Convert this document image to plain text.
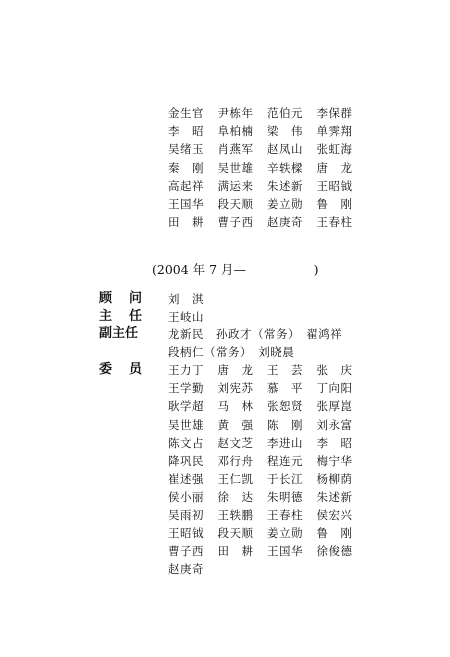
金生官	尹栋年	范伯元	李保群
李　昭	阜柏楠	梁　伟	单霁翔
吴绪玉	肖燕军	赵凤山	张虹海
秦　刚	吴世雄	辛轶樑	唐　龙
高起祥	满运来	朱述新	王昭钺
王国华	段天顺	姜立勋	鲁　刚
田　耕	曹子西	赵庚奇	王春柱
(2004 年 7 月—                 )
顾　问 刘　淇
主　任 王岐山
副主任	龙新民　孙政才（常务）　翟鸿祥
段柄仁（常务）　刘晓晨
委　员 王力丁	唐　龙	王　芸	张　庆
王学勤	刘宪苏	慕　平	丁向阳
耿学超	马　林	张恕贤	张厚崑
吴世雄	黄　强	陈　刚	刘永富
陈文占	赵文芝	李进山	李　昭
降巩民	邓行舟	程连元	梅宁华
崔述强	王仁凯	于长江	杨柳荫
侯小丽	徐　达	朱明德	朱述新
吴雨初	王轶鹏	王春柱	侯宏兴
王昭钺	段天顺	姜立勋	鲁　刚
曹子西	田　耕	王国华	徐俊德
赵庚奇
